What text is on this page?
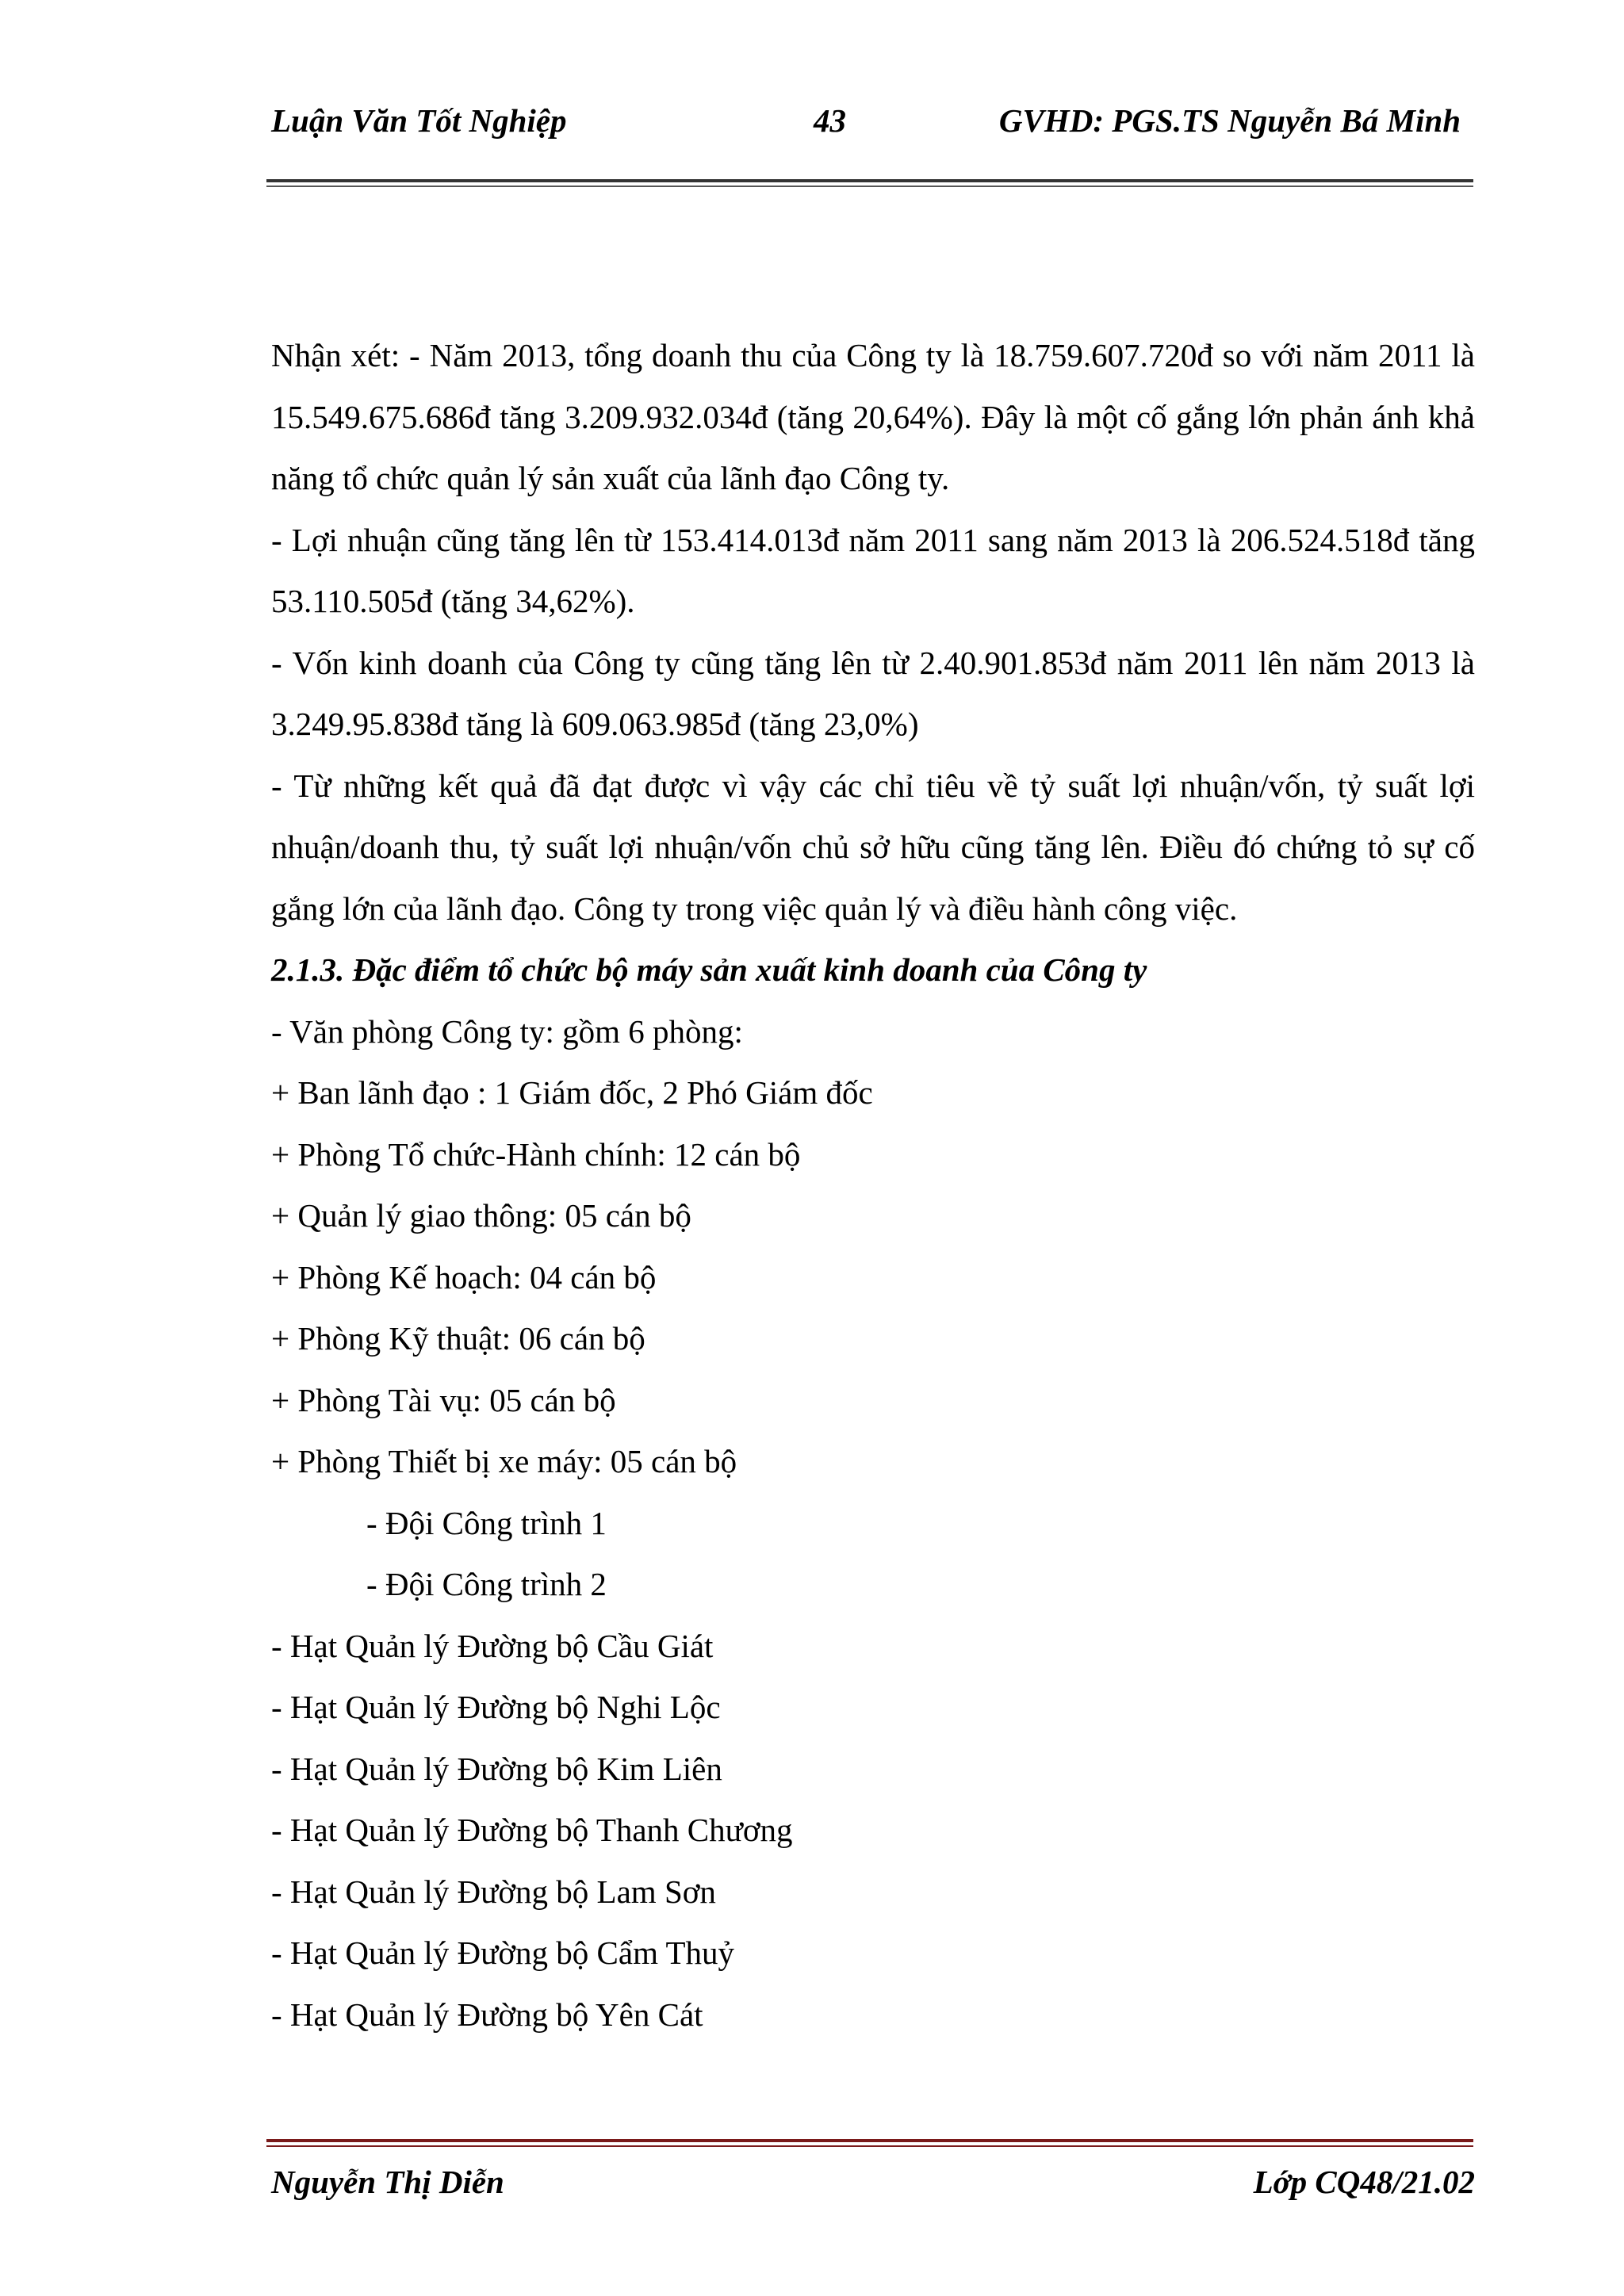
Luận Văn Tốt Nghiệp	43	GVHD: PGS.TS Nguyễn Bá Minh

Nhận xét: - Năm 2013, tổng doanh thu của Công ty là 18.759.607.720đ so với năm 2011 là 15.549.675.686đ tăng 3.209.932.034đ (tăng 20,64%). Đây là một cố gắng lớn phản ánh khả năng tổ chức quản lý sản xuất của lãnh đạo Công ty.

- Lợi nhuận cũng tăng lên từ 153.414.013đ năm 2011 sang năm 2013 là 206.524.518đ tăng 53.110.505đ (tăng 34,62%).

- Vốn kinh doanh của Công ty cũng tăng lên từ 2.40.901.853đ năm 2011 lên năm 2013 là 3.249.95.838đ tăng là 609.063.985đ (tăng 23,0%)

- Từ những kết quả đã đạt được vì vậy các chỉ tiêu về tỷ suất lợi nhuận/vốn, tỷ suất lợi nhuận/doanh thu, tỷ suất lợi nhuận/vốn chủ sở hữu cũng tăng lên. Điều đó chứng tỏ sự cố gắng lớn của lãnh đạo. Công ty trong việc quản lý và điều hành công việc.

2.1.3. Đặc điểm tổ chức bộ máy sản xuất kinh doanh của Công ty

- Văn phòng Công ty: gồm 6 phòng:

+ Ban lãnh đạo : 1 Giám đốc, 2 Phó Giám đốc

+ Phòng Tổ chức-Hành chính: 12 cán bộ

+ Quản lý giao thông: 05 cán bộ

+ Phòng Kế hoạch: 04 cán bộ

+ Phòng Kỹ thuật: 06 cán bộ

+ Phòng Tài vụ: 05 cán bộ

+ Phòng Thiết bị xe máy: 05 cán bộ

- Đội Công trình 1

- Đội Công trình 2

- Hạt Quản lý Đường bộ Cầu Giát

- Hạt Quản lý Đường bộ Nghi Lộc

- Hạt Quản lý Đường bộ Kim Liên

- Hạt Quản lý Đường bộ Thanh Chương

- Hạt Quản lý Đường bộ Lam Sơn

- Hạt Quản lý Đường bộ Cẩm Thuỷ

- Hạt Quản lý Đường bộ Yên Cát

Nguyễn Thị Diễn	Lớp CQ48/21.02
